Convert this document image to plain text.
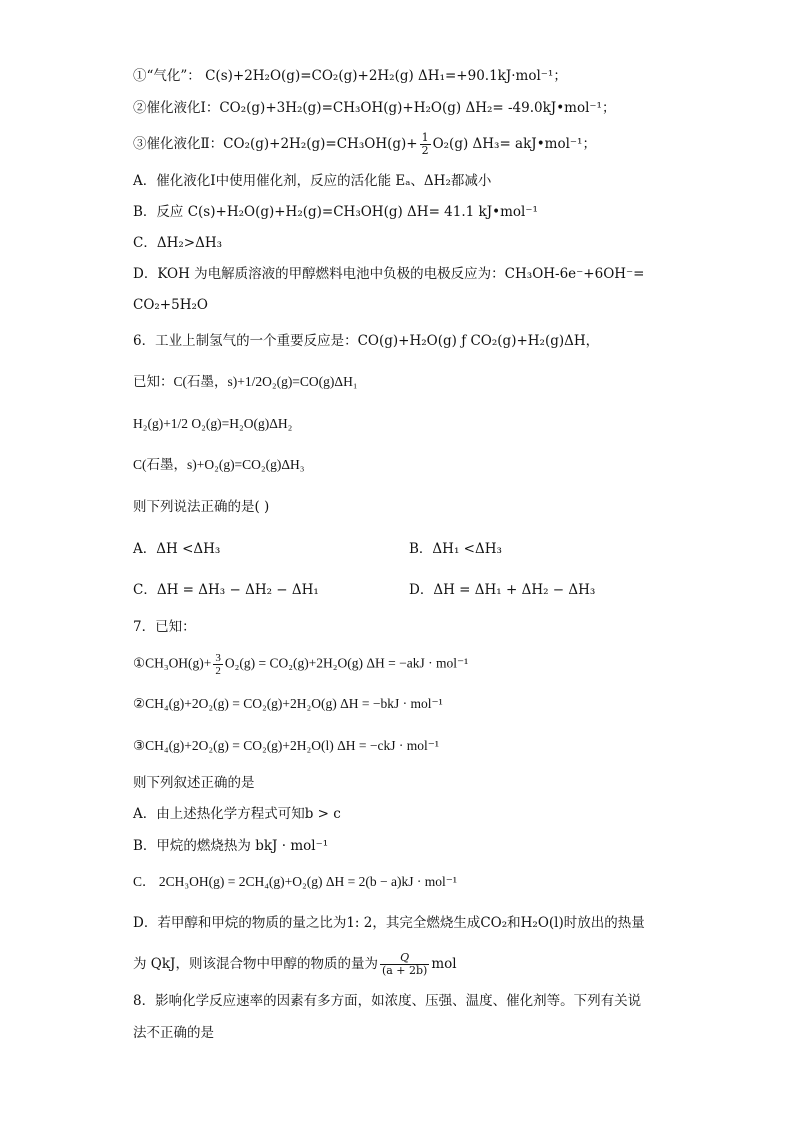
①“气化”： C(s)+2H₂O(g)=CO₂(g)+2H₂(g) ΔH₁=+90.1kJ·mol⁻¹；
②催化液化Ⅰ：CO₂(g)+3H₂(g)=CH₃OH(g)+H₂O(g) ΔH₂= -49.0kJ•mol⁻¹；
③催化液化Ⅱ：$CO_2(g)+2H_2(g)=CH_3OH(g)+ \frac{1}{2} O_2(g)$ ΔH₃= akJ•mol⁻¹；
A．催化液化Ⅰ中使用催化剂，反应的活化能 Eₐ、ΔH₂都减小
B．反应 C(s)+H₂O(g)+H₂(g)=CH₃OH(g) ΔH= 41.1 kJ•mol⁻¹
C．ΔH₂>ΔH₃
D．KOH 为电解质溶液的甲醇燃料电池中负极的电极反应为：CH₃OH-6e⁻+6OH⁻=
CO₂+5H₂O
6．工业上制氢气的一个重要反应是：CO(g)+H₂O(g) ƒ CO₂(g)+H₂(g)ΔH，
已知：C(石墨，s)+1/2O₂(g)=CO(g)ΔH₁
H₂(g)+1/2 O₂(g)=H₂O(g)ΔH₂
C(石墨，s)+O₂(g)=CO₂(g)ΔH₃
则下列说法正确的是( )
A．ΔH <ΔH₃	B．ΔH₁ <ΔH₃
C．ΔH = ΔH₃ − ΔH₂ − ΔH₁	D．ΔH = ΔH₁ + ΔH₂ − ΔH₃
7．已知：
①CH₃OH(g)+ $\frac{3}{2} O_2(g) = CO_2(g)+2H_2O(g) \Delta H = -akJ \cdot mol^{-1}$
②CH₄(g)+2O₂(g) = CO₂(g)+2H₂O(g) ΔH = −bkJ · mol⁻¹
③CH₄(g)+2O₂(g) = CO₂(g)+2H₂O(l) ΔH = −ckJ · mol⁻¹
则下列叙述正确的是
A．由上述热化学方程式可知b > c
B．甲烷的燃烧热为 bkJ · mol⁻¹
C． 2CH₃OH(g) = 2CH₄(g)+O₂(g) ΔH = 2(b − a)kJ · mol⁻¹
D．若甲醇和甲烷的物质的量之比为1: 2，其完全燃烧生成CO₂和H₂O(l)时放出的热量
为 QkJ，则该混合物中甲醇的物质的量为 $\frac{Q}{(a + 2b)}$ mol
8．影响化学反应速率的因素有多方面，如浓度、压强、温度、催化剂等。下列有关说
法不正确的是
